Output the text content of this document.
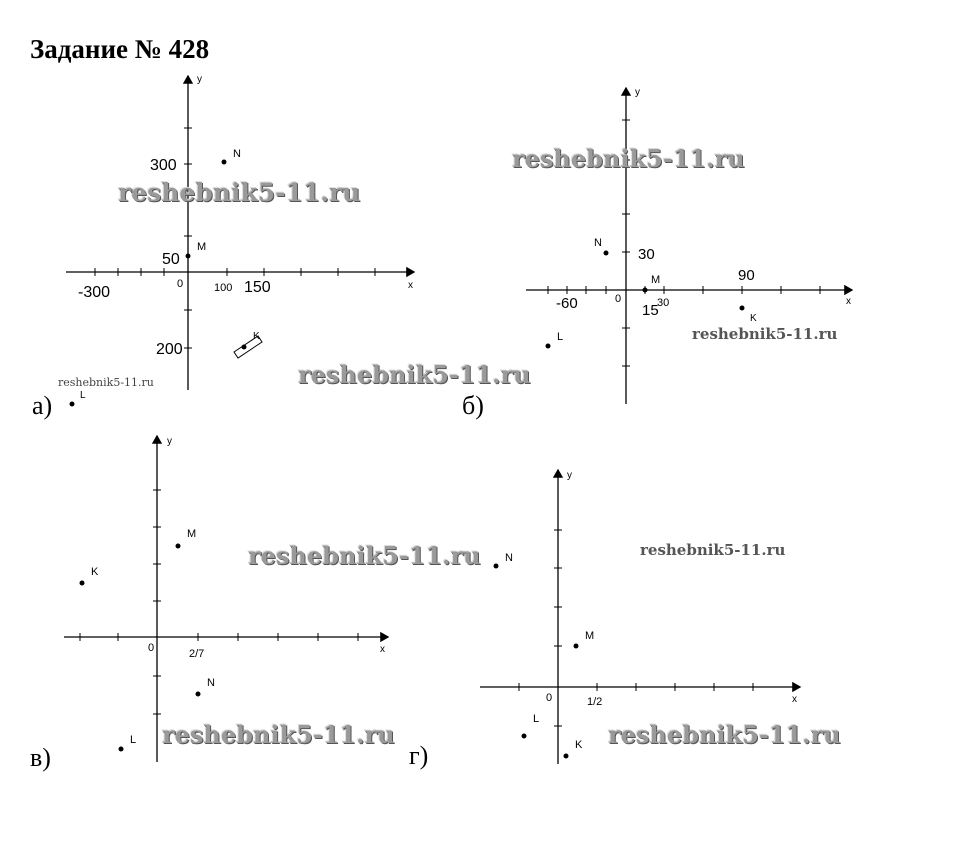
Задание № 428
x
y
0
-300	100 150
300
50
200
N
M
K
L
x
y
0
-60	15
30
90
30
N
M
K
L
x
y
0	2/7
M
K
N
L
x
y
0	1/2
N
M
L
K
а)	б)
в)	г)
reshebnik5-11.ru
reshebnik5-11.ru
reshebnik5-11.ru
reshebnik5-11.ru
reshebnik5-11.ru	reshebnik5-11.ru
reshebnik5-11.ru
reshebnik5-11.ru
reshebnik5-11.ru
